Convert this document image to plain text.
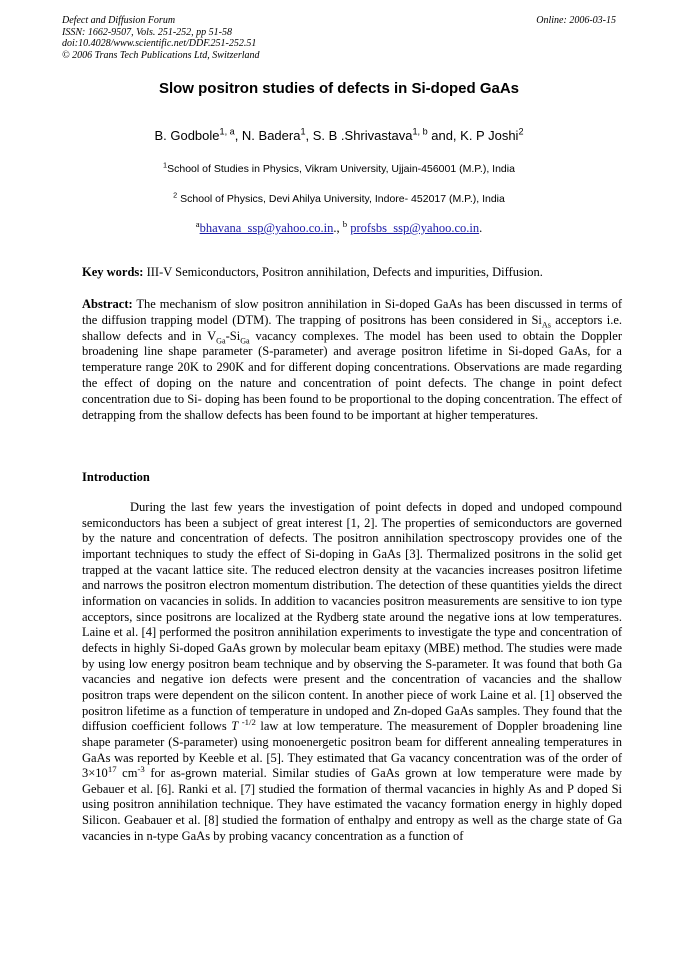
Defect and Diffusion Forum
ISSN: 1662-9507, Vols. 251-252, pp 51-58
doi:10.4028/www.scientific.net/DDF.251-252.51
© 2006 Trans Tech Publications Ltd, Switzerland
Online: 2006-03-15
Slow positron studies of defects in Si-doped GaAs
B. Godbole$^{1, a}$, N. Badera$^1$, S. B .Shrivastava$^{1, b}$ and, K. P Joshi$^2$
$^1$School of Studies in Physics, Vikram University, Ujjain-456001 (M.P.), India
$^2$ School of Physics, Devi Ahilya University, Indore- 452017 (M.P.), India
$^a$bhavana_ssp@yahoo.co.in., $^b$ profsbs_ssp@yahoo.co.in.
Key words: III-V Semiconductors, Positron annihilation, Defects and impurities, Diffusion.
Abstract: The mechanism of slow positron annihilation in Si-doped GaAs has been discussed in terms of the diffusion trapping model (DTM). The trapping of positrons has been considered in $Si_{As}$ acceptors i.e. shallow defects and in $V_{Ga}-Si_{Ga}$ vacancy complexes. The model has been used to obtain the Doppler broadening line shape parameter (S-parameter) and average positron lifetime in Si-doped GaAs, for a temperature range 20K to 290K and for different doping concentrations. Observations are made regarding the effect of doping on the nature and concentration of point defects. The change in point defect concentration due to Si- doping has been found to be proportional to the doping concentration. The effect of detrapping from the shallow defects has been found to be important at higher temperatures.
Introduction
During the last few years the investigation of point defects in doped and undoped compound semiconductors has been a subject of great interest [1, 2]. The properties of semiconductors are governed by the nature and concentration of defects. The positron annihilation spectroscopy provides one of the important techniques to study the effect of Si-doping in GaAs [3]. Thermalized positrons in the solid get trapped at the vacant lattice site. The reduced electron density at the vacancies increases positron lifetime and narrows the positron electron momentum distribution. The detection of these quantities yields the direct information on vacancies in solids. In addition to vacancies positron measurements are sensitive to ion type acceptors, since positrons are localized at the Rydberg state around the negative ions at low temperatures. Laine et al. [4] performed the positron annihilation experiments to investigate the type and concentration of defects in highly Si-doped GaAs grown by molecular beam epitaxy (MBE) method. The studies were made by using low energy positron beam technique and by observing the S-parameter. It was found that both Ga vacancies and negative ion defects were present and the concentration of vacancies and the shallow positron traps were dependent on the silicon content. In another piece of work Laine et al. [1] observed the positron lifetime as a function of temperature in undoped and Zn-doped GaAs samples. They found that the diffusion coefficient follows T $^{-1/2}$ law at low temperature. The measurement of Doppler broadening line shape parameter (S-parameter) using monoenergetic positron beam for different annealing temperatures in GaAs was reported by Keeble et al. [5]. They estimated that Ga vacancy concentration was of the order of $3\times 10^{17}$ $cm^{-3}$ for as-grown material. Similar studies of GaAs grown at low temperature were made by Gebauer et al. [6]. Ranki et al. [7] studied the formation of thermal vacancies in highly As and P doped Si using positron annihilation technique. They have estimated the vacancy formation energy in highly doped Silicon. Geabauer et al. [8] studied the formation of enthalpy and entropy as well as the charge state of Ga vacancies in n-type GaAs by probing vacancy concentration as a function of
